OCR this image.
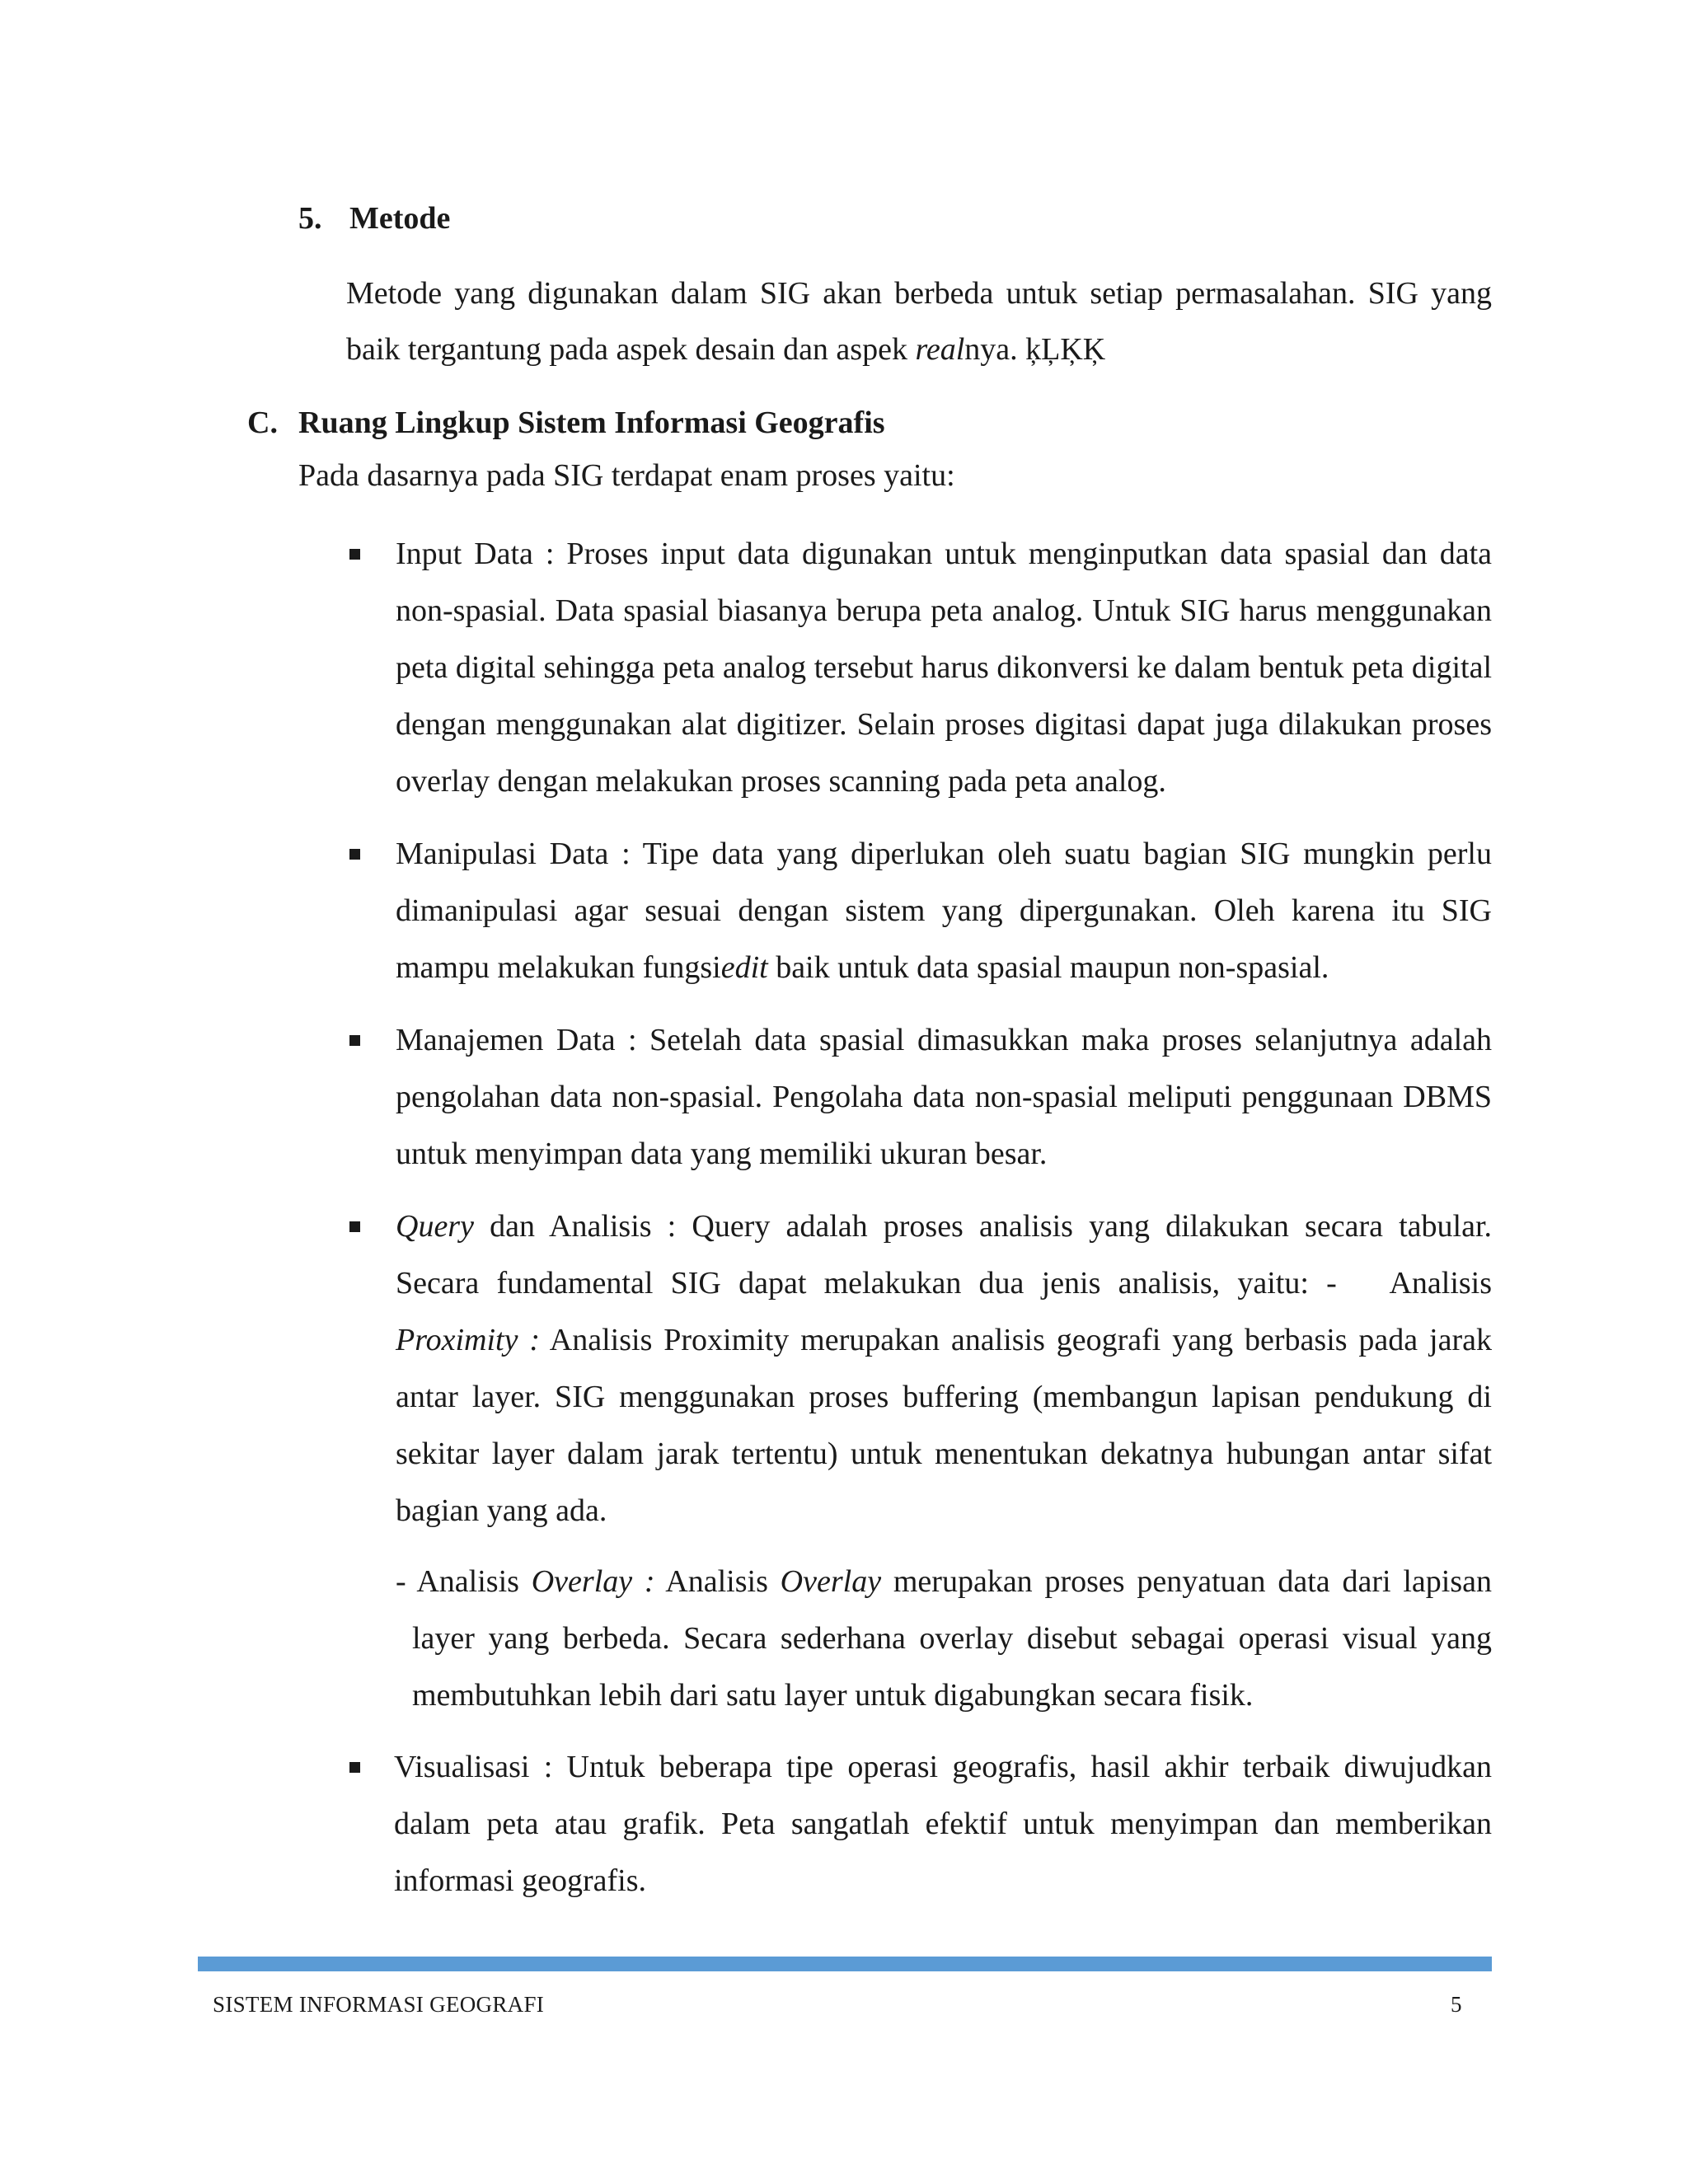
5. Metode
Metode yang digunakan dalam SIG akan berbeda untuk setiap permasalahan. SIG yang baik tergantung pada aspek desain dan aspek realnya. ķĻĶĶ
C. Ruang Lingkup Sistem Informasi Geografis
Pada dasarnya pada SIG terdapat enam proses yaitu:
Input Data : Proses input data digunakan untuk menginputkan data spasial dan data non-spasial. Data spasial biasanya berupa peta analog. Untuk SIG harus menggunakan peta digital sehingga peta analog tersebut harus dikonversi ke dalam bentuk peta digital dengan menggunakan alat digitizer. Selain proses digitasi dapat juga dilakukan proses overlay dengan melakukan proses scanning pada peta analog.
Manipulasi Data : Tipe data yang diperlukan oleh suatu bagian SIG mungkin perlu dimanipulasi agar sesuai dengan sistem yang dipergunakan. Oleh karena itu SIG mampu melakukan fungsiedit baik untuk data spasial maupun non-spasial.
Manajemen Data : Setelah data spasial dimasukkan maka proses selanjutnya adalah pengolahan data non-spasial. Pengolaha data non-spasial meliputi penggunaan DBMS untuk menyimpan data yang memiliki ukuran besar.
Query dan Analisis : Query adalah proses analisis yang dilakukan secara tabular. Secara fundamental SIG dapat melakukan dua jenis analisis, yaitu: - Analisis Proximity : Analisis Proximity merupakan analisis geografi yang berbasis pada jarak antar layer. SIG menggunakan proses buffering (membangun lapisan pendukung di sekitar layer dalam jarak tertentu) untuk menentukan dekatnya hubungan antar sifat bagian yang ada.
- Analisis Overlay : Analisis Overlay merupakan proses penyatuan data dari lapisan layer yang berbeda. Secara sederhana overlay disebut sebagai operasi visual yang membutuhkan lebih dari satu layer untuk digabungkan secara fisik.
Visualisasi : Untuk beberapa tipe operasi geografis, hasil akhir terbaik diwujudkan dalam peta atau grafik. Peta sangatlah efektif untuk menyimpan dan memberikan informasi geografis.
SISTEM INFORMASI GEOGRAFI	5
